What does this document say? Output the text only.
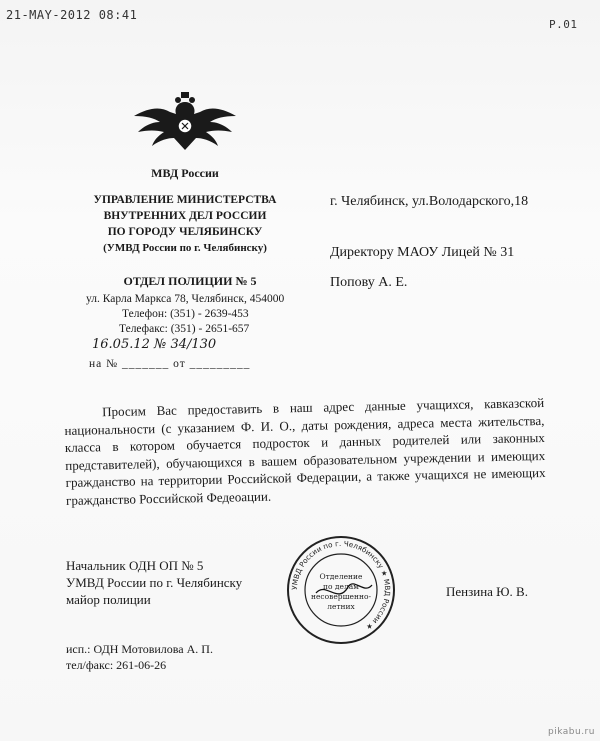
21-MAY-2012 08:41
P.01
МВД России
УПРАВЛЕНИЕ МИНИСТЕРСТВА
ВНУТРЕННИХ ДЕЛ РОССИИ
ПО ГОРОДУ ЧЕЛЯБИНСКУ
(УМВД России по г. Челябинску)
ОТДЕЛ ПОЛИЦИИ № 5
ул. Карла Маркса 78, Челябинск, 454000
Телефон: (351) - 2639-453
Телефакс: (351) - 2651-657
16.05.12 № 34/130
на № _______ от _________
г. Челябинск, ул.Володарского,18
Директору МАОУ Лицей № 31
Попову А. Е.
Просим Вас предоставить в наш адрес данные учащихся, кавказской национальности (с указанием Ф. И. О., даты рождения, адреса места жительства, класса в котором обучается подросток и данных родителей или законных представителей), обучающихся в вашем образовательном учреждении и имеющих гражданство на территории Российской Федерации, а также учащихся не имеющих гражданство Российской Федеоации.
Начальник ОДН ОП № 5
УМВД России по г. Челябинску
майор полиции
Пензина Ю. В.
УМВД России по г. Челябинску ★ МВД России ★
Отделение
по делам
несовершенно-
летних
исп.: ОДН Мотовилова А. П.
тел/факс: 261-06-26
pikabu.ru
